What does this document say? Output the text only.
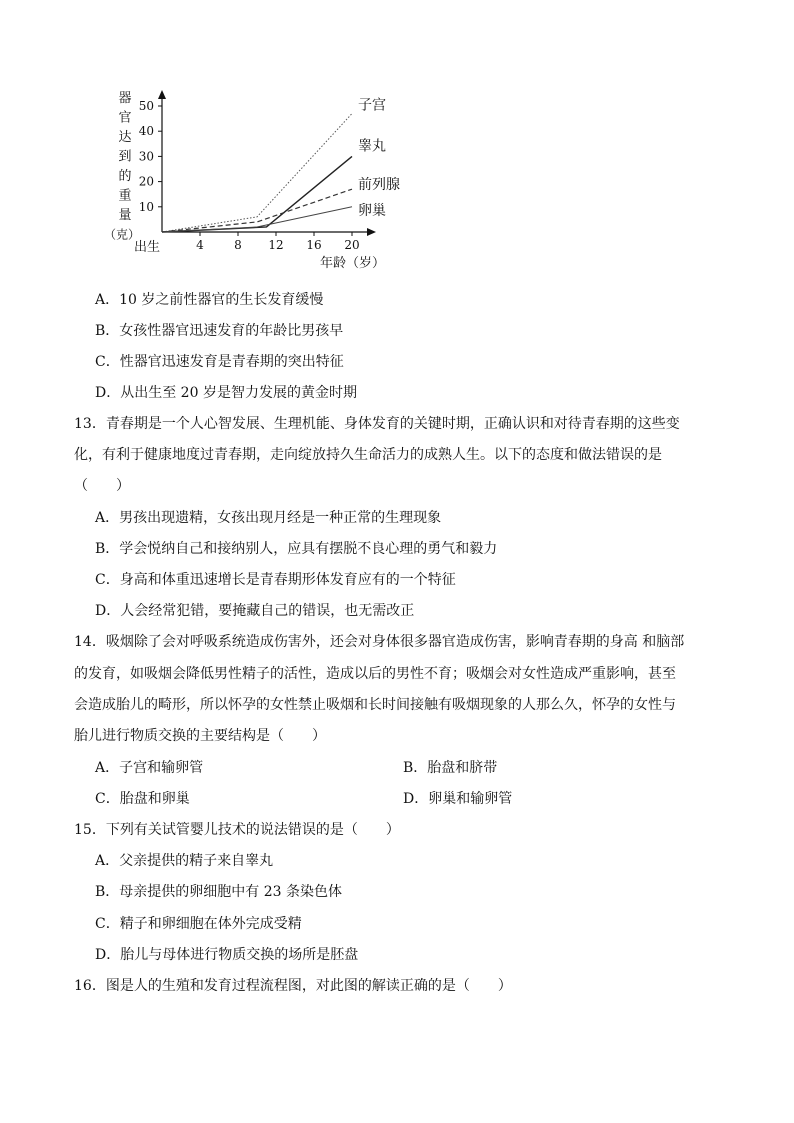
器
官
达
到
的
重
量
（克）
10
20
30
40
50
4	8 12 16 20
出生
年龄（岁）
子宫
睾丸
前列腺
卵巢
A．10 岁之前性器官的生长发育缓慢
B．女孩性器官迅速发育的年龄比男孩早
C．性器官迅速发育是青春期的突出特征
D．从出生至 20 岁是智力发展的黄金时期
13．青春期是一个人心智发展、生理机能、身体发育的关键时期，正确认识和对待青春期的这些变
化，有利于健康地度过青春期，走向绽放持久生命活力的成熟人生。以下的态度和做法错误的是
（　　）
A．男孩出现遗精，女孩出现月经是一种正常的生理现象
B．学会悦纳自己和接纳别人，应具有摆脱不良心理的勇气和毅力
C．身高和体重迅速增长是青春期形体发育应有的一个特征
D．人会经常犯错，要掩藏自己的错误，也无需改正
14．吸烟除了会对呼吸系统造成伤害外，还会对身体很多器官造成伤害，影响青春期的身高 和脑部
的发育，如吸烟会降低男性精子的活性，造成以后的男性不育；吸烟会对女性造成严重影响，甚至
会造成胎儿的畸形，所以怀孕的女性禁止吸烟和长时间接触有吸烟现象的人那么久，怀孕的女性与
胎儿进行物质交换的主要结构是（　　）
A．子宫和输卵管	B．胎盘和脐带
C．胎盘和卵巢	D．卵巢和输卵管
15．下列有关试管婴儿技术的说法错误的是（　　）
A．父亲提供的精子来自睾丸
B．母亲提供的卵细胞中有 23 条染色体
C．精子和卵细胞在体外完成受精
D．胎儿与母体进行物质交换的场所是胚盘
16．图是人的生殖和发育过程流程图，对此图的解读正确的是（　　）
